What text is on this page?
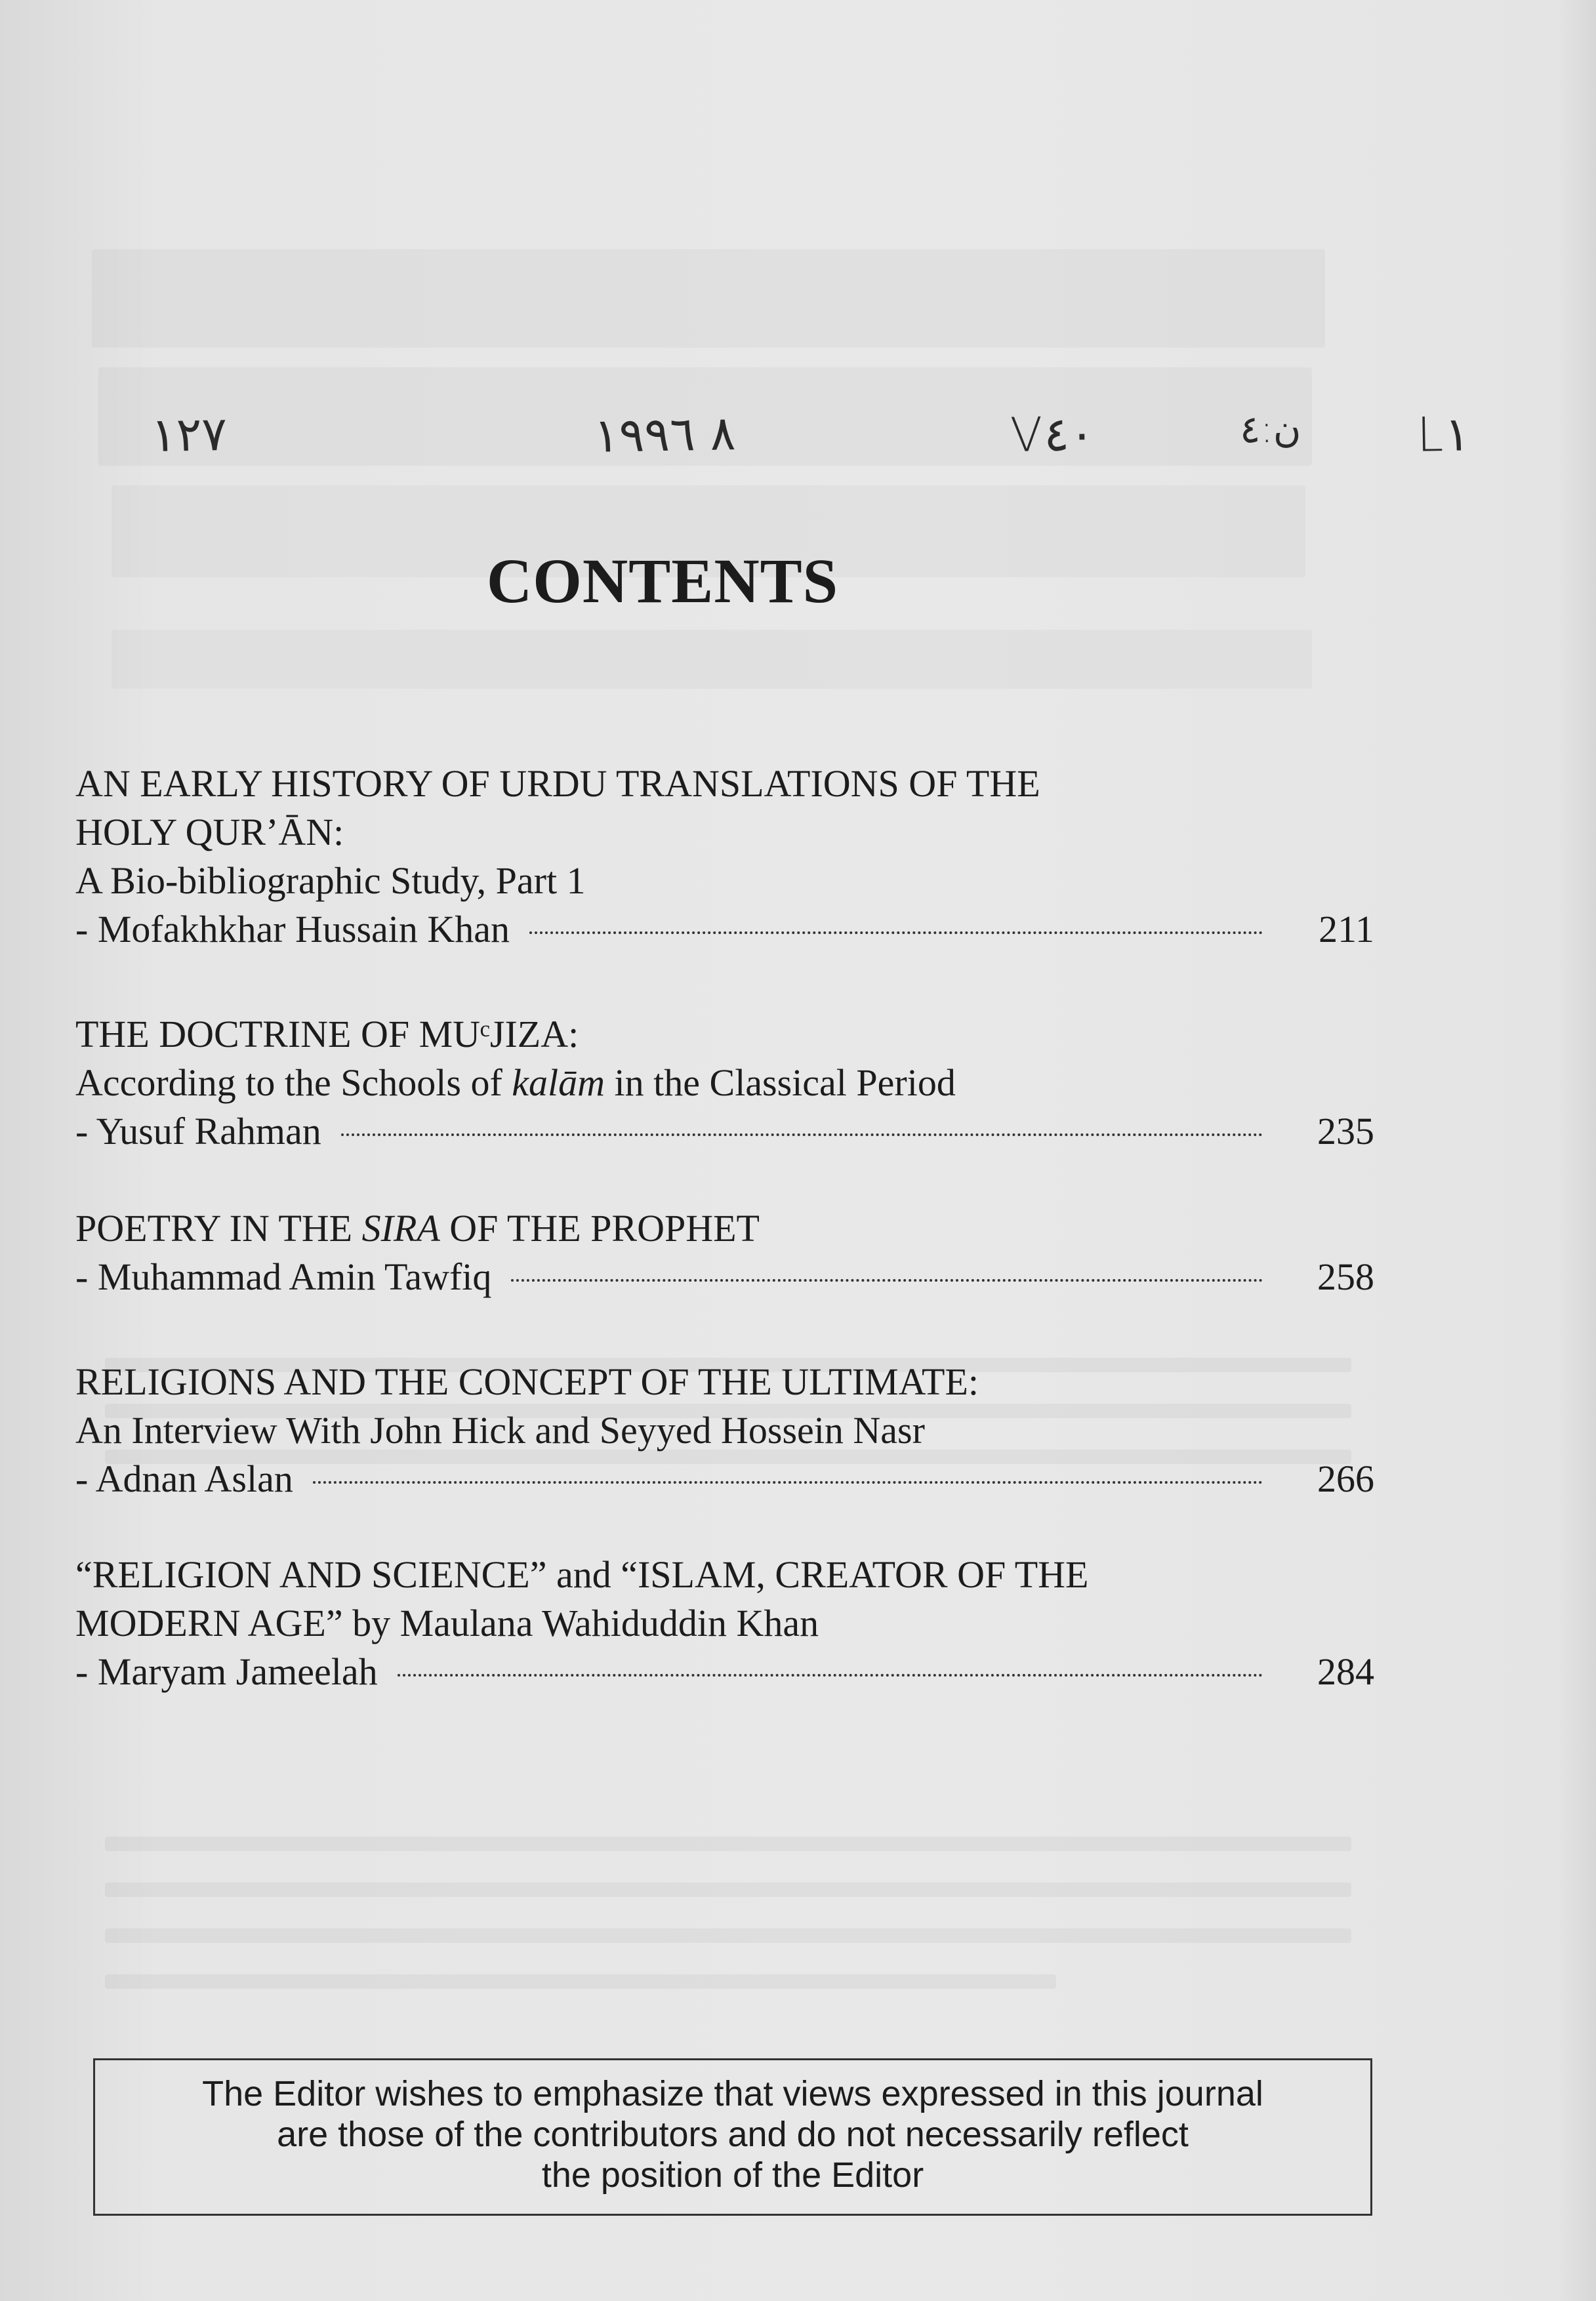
١٢٧	٨ ١٩٩٦	V٤٠	ن:٤ L١
CONTENTS
AN EARLY HISTORY OF URDU TRANSLATIONS OF THE
HOLY QUR’ĀN:
A Bio-bibliographic Study, Part 1
- Mofakhkhar Hussain Khan	211
THE DOCTRINE OF MUᶜJIZA:
According to the Schools of kalām in the Classical Period
- Yusuf Rahman	235
POETRY IN THE SIRA OF THE PROPHET
- Muhammad Amin Tawfiq	258
RELIGIONS AND THE CONCEPT OF THE ULTIMATE:
An Interview With John Hick and Seyyed Hossein Nasr
- Adnan Aslan	266
“RELIGION AND SCIENCE” and “ISLAM, CREATOR OF THE
MODERN AGE” by Maulana Wahiduddin Khan
- Maryam Jameelah	284
The Editor wishes to emphasize that views expressed in this journal
are those of the contributors and do not necessarily reflect
the position of the Editor
